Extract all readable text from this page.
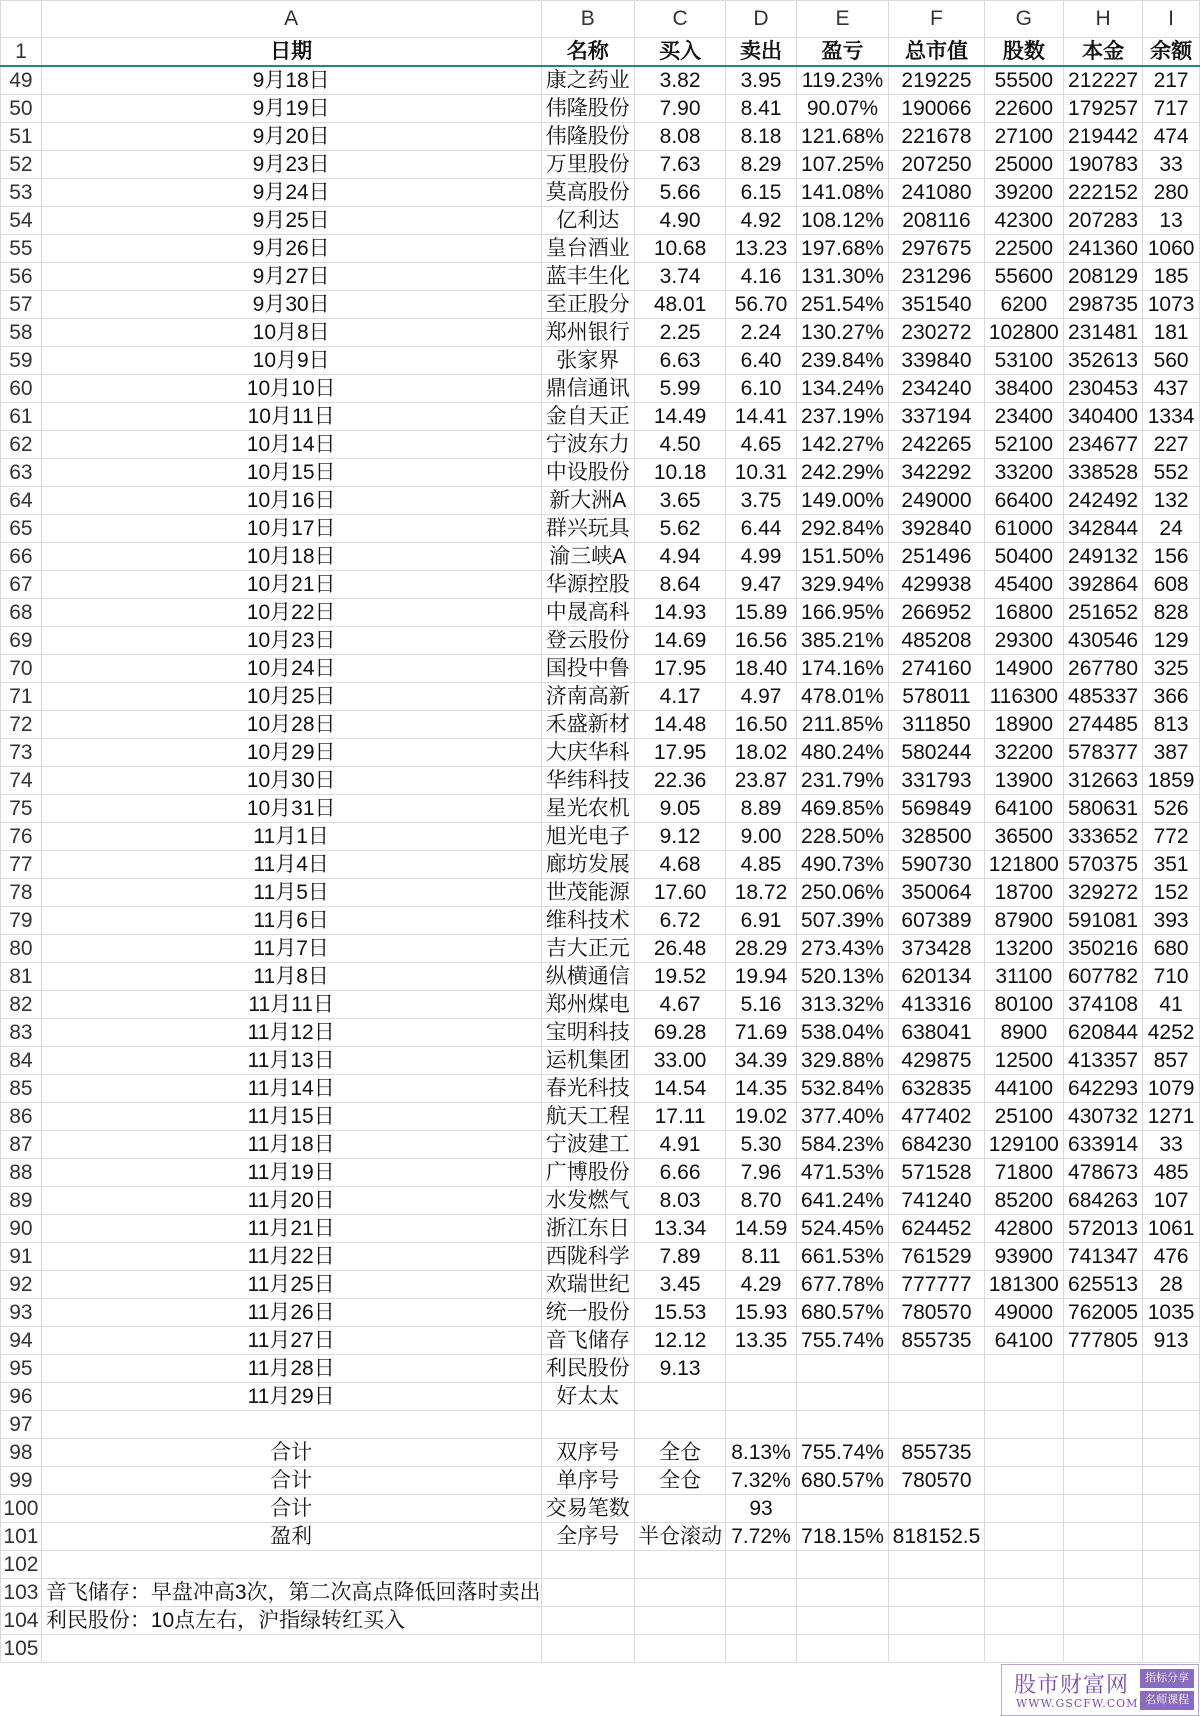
	A	B	C	D	E	F	G	H	I
1	日期	名称	买入	卖出	盈亏	总市值	股数	本金	余额
49	9月18日	康之药业	3.82	3.95	119.23%	219225	55500	212227	217
50	9月19日	伟隆股份	7.90	8.41	90.07%	190066	22600	179257	717
51	9月20日	伟隆股份	8.08	8.18	121.68%	221678	27100	219442	474
52	9月23日	万里股份	7.63	8.29	107.25%	207250	25000	190783	33
53	9月24日	莫高股份	5.66	6.15	141.08%	241080	39200	222152	280
54	9月25日	亿利达	4.90	4.92	108.12%	208116	42300	207283	13
55	9月26日	皇台酒业	10.68	13.23	197.68%	297675	22500	241360	1060
56	9月27日	蓝丰生化	3.74	4.16	131.30%	231296	55600	208129	185
57	9月30日	至正股分	48.01	56.70	251.54%	351540	6200	298735	1073
58	10月8日	郑州银行	2.25	2.24	130.27%	230272	102800	231481	181
59	10月9日	张家界	6.63	6.40	239.84%	339840	53100	352613	560
60	10月10日	鼎信通讯	5.99	6.10	134.24%	234240	38400	230453	437
61	10月11日	金自天正	14.49	14.41	237.19%	337194	23400	340400	1334
62	10月14日	宁波东力	4.50	4.65	142.27%	242265	52100	234677	227
63	10月15日	中设股份	10.18	10.31	242.29%	342292	33200	338528	552
64	10月16日	新大洲A	3.65	3.75	149.00%	249000	66400	242492	132
65	10月17日	群兴玩具	5.62	6.44	292.84%	392840	61000	342844	24
66	10月18日	渝三峡A	4.94	4.99	151.50%	251496	50400	249132	156
67	10月21日	华源控股	8.64	9.47	329.94%	429938	45400	392864	608
68	10月22日	中晟高科	14.93	15.89	166.95%	266952	16800	251652	828
69	10月23日	登云股份	14.69	16.56	385.21%	485208	29300	430546	129
70	10月24日	国投中鲁	17.95	18.40	174.16%	274160	14900	267780	325
71	10月25日	济南高新	4.17	4.97	478.01%	578011	116300	485337	366
72	10月28日	禾盛新材	14.48	16.50	211.85%	311850	18900	274485	813
73	10月29日	大庆华科	17.95	18.02	480.24%	580244	32200	578377	387
74	10月30日	华纬科技	22.36	23.87	231.79%	331793	13900	312663	1859
75	10月31日	星光农机	9.05	8.89	469.85%	569849	64100	580631	526
76	11月1日	旭光电子	9.12	9.00	228.50%	328500	36500	333652	772
77	11月4日	廊坊发展	4.68	4.85	490.73%	590730	121800	570375	351
78	11月5日	世茂能源	17.60	18.72	250.06%	350064	18700	329272	152
79	11月6日	维科技术	6.72	6.91	507.39%	607389	87900	591081	393
80	11月7日	吉大正元	26.48	28.29	273.43%	373428	13200	350216	680
81	11月8日	纵横通信	19.52	19.94	520.13%	620134	31100	607782	710
82	11月11日	郑州煤电	4.67	5.16	313.32%	413316	80100	374108	41
83	11月12日	宝明科技	69.28	71.69	538.04%	638041	8900	620844	4252
84	11月13日	运机集团	33.00	34.39	329.88%	429875	12500	413357	857
85	11月14日	春光科技	14.54	14.35	532.84%	632835	44100	642293	1079
86	11月15日	航天工程	17.11	19.02	377.40%	477402	25100	430732	1271
87	11月18日	宁波建工	4.91	5.30	584.23%	684230	129100	633914	33
88	11月19日	广博股份	6.66	7.96	471.53%	571528	71800	478673	485
89	11月20日	水发燃气	8.03	8.70	641.24%	741240	85200	684263	107
90	11月21日	浙江东日	13.34	14.59	524.45%	624452	42800	572013	1061
91	11月22日	西陇科学	7.89	8.11	661.53%	761529	93900	741347	476
92	11月25日	欢瑞世纪	3.45	4.29	677.78%	777777	181300	625513	28
93	11月26日	统一股份	15.53	15.93	680.57%	780570	49000	762005	1035
94	11月27日	音飞储存	12.12	13.35	755.74%	855735	64100	777805	913
95	11月28日	利民股份	9.13						
96	11月29日	好太太							
97									
98	合计	双序号	全仓	8.13%	755.74%	855735			
99	合计	单序号	全仓	7.32%	680.57%	780570			
100	合计	交易笔数		93					
101	盈利	全序号	半仓滚动	7.72%	718.15%	818152.5			
102									
103	音飞储存：早盘冲高3次，第二次高点降低回落时卖出								
104	利民股份：10点左右，沪指绿转红买入								
105									
股市财富网
WWW.GSCFW.COM
指标分享
名师课程
